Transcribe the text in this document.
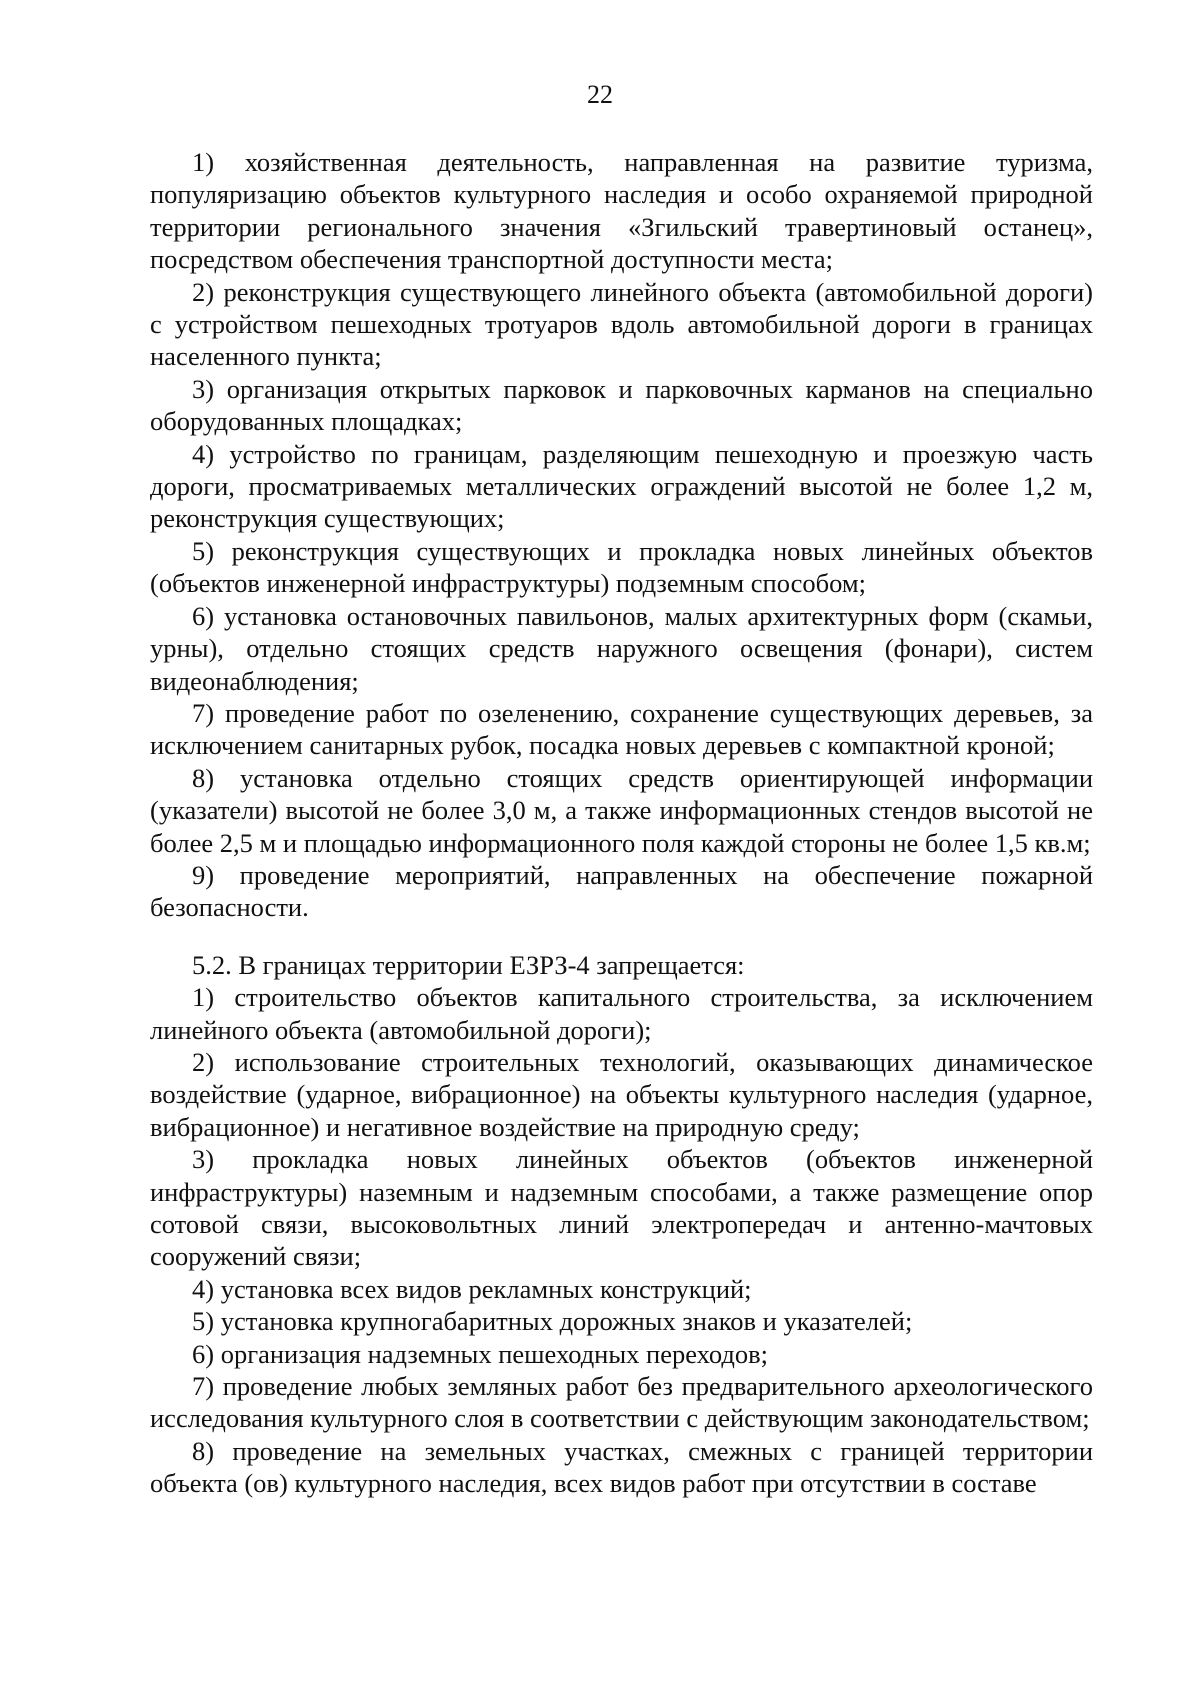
22

1) хозяйственная деятельность, направленная на развитие туризма, популяризацию объектов культурного наследия и особо охраняемой природной территории регионального значения «Згильский травертиновый останец», посредством обеспечения транспортной доступности места;

2) реконструкция существующего линейного объекта (автомобильной дороги) с устройством пешеходных тротуаров вдоль автомобильной дороги в границах населенного пункта;

3) организация открытых парковок и парковочных карманов на специально оборудованных площадках;

4) устройство по границам, разделяющим пешеходную и проезжую часть дороги, просматриваемых металлических ограждений высотой не более 1,2 м, реконструкция существующих;

5) реконструкция существующих и прокладка новых линейных объектов (объектов инженерной инфраструктуры) подземным способом;

6) установка остановочных павильонов, малых архитектурных форм (скамьи, урны), отдельно стоящих средств наружного освещения (фонари), систем видеонаблюдения;

7) проведение работ по озеленению, сохранение существующих деревьев, за исключением санитарных рубок, посадка новых деревьев с компактной кроной;

8) установка отдельно стоящих средств ориентирующей информации (указатели) высотой не более 3,0 м, а также информационных стендов высотой не более 2,5 м и площадью информационного поля каждой стороны не более 1,5 кв.м;

9) проведение мероприятий, направленных на обеспечение пожарной безопасности.

5.2. В границах территории ЕЗРЗ-4 запрещается:

1) строительство объектов капитального строительства, за исключением линейного объекта (автомобильной дороги);

2) использование строительных технологий, оказывающих динамическое воздействие (ударное, вибрационное) на объекты культурного наследия (ударное, вибрационное) и негативное воздействие на природную среду;

3) прокладка новых линейных объектов (объектов инженерной инфраструктуры) наземным и надземным способами, а также размещение опор сотовой связи, высоковольтных линий электропередач и антенно-мачтовых сооружений связи;

4) установка всех видов рекламных конструкций;

5) установка крупногабаритных дорожных знаков и указателей;

6) организация надземных пешеходных переходов;

7) проведение любых земляных работ без предварительного археологического исследования культурного слоя в соответствии с действующим законодательством;

8) проведение на земельных участках, смежных с границей территории объекта (ов) культурного наследия, всех видов работ при отсутствии в составе
